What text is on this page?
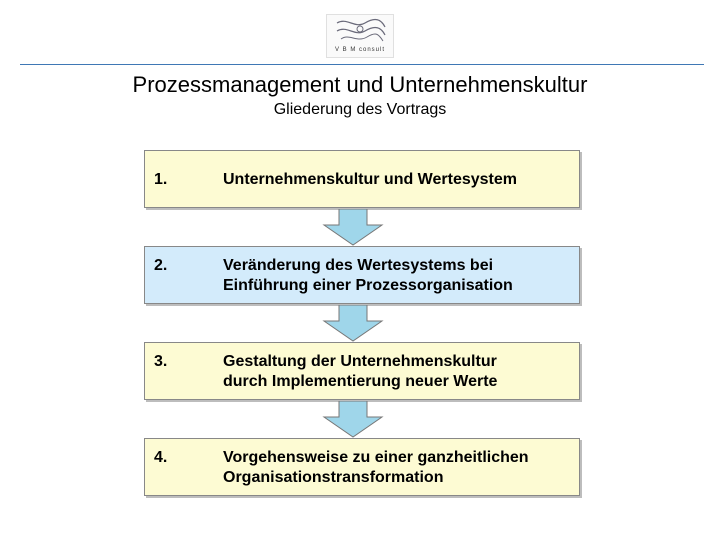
V B M consult
Prozessmanagement und Unternehmenskultur
Gliederung des Vortrags
1.	Unternehmenskultur und Wertesystem
2.	Veränderung des Wertesystems bei
Einführung einer Prozessorganisation
3.	Gestaltung der Unternehmenskultur
durch Implementierung neuer Werte
4.	Vorgehensweise zu einer ganzheitlichen
Organisationstransformation
